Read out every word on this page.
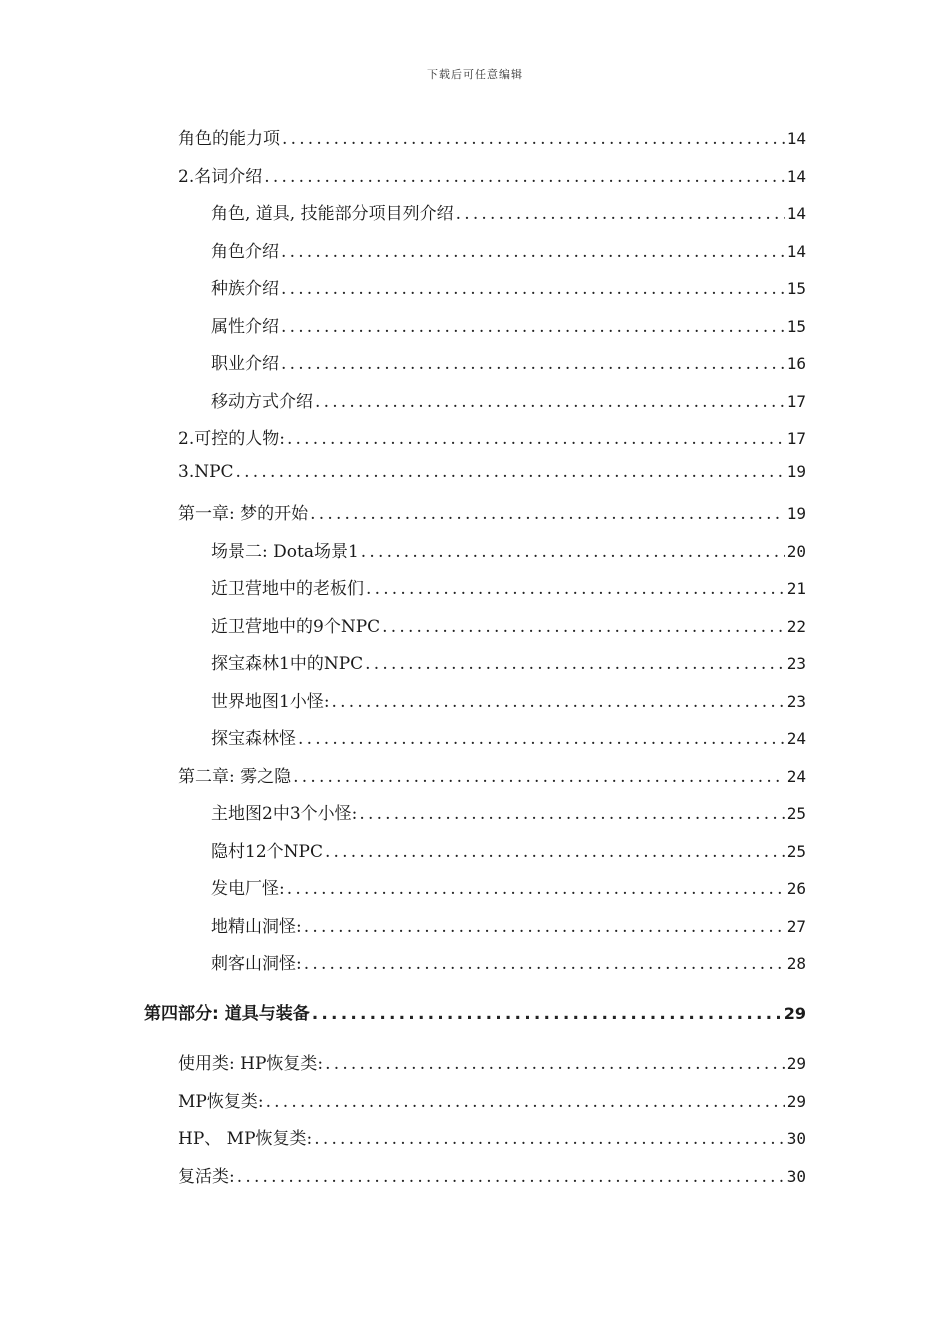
下载后可任意编辑
角色的能力项 .....	14
2.名词介绍 .....	14
角色, 道具, 技能部分项目列介绍 .....	14
角色介绍 .....	14
种族介绍 .....	15
属性介绍 .....	15
职业介绍 .....	16
移动方式介绍 .....	17
2.可控的人物: .....	17
3.NPC .....	19
第一章: 梦的开始 .....	19
场景二: Dota场景1 .....	20
近卫营地中的老板们 .....	21
近卫营地中的9个NPC .....	22
探宝森林1中的NPC .....	23
世界地图1小怪: .....	23
探宝森林怪 .....	24
第二章: 雾之隐 .....	24
主地图2中3个小怪: .....	25
隐村12个NPC .....	25
发电厂怪: .....	26
地精山洞怪: .....	27
刺客山洞怪: .....	28
第四部分: 道具与装备 .....	29
使用类: HP恢复类: .....	29
MP恢复类: .....	29
HP、 MP恢复类: .....	30
复活类: .....	30
